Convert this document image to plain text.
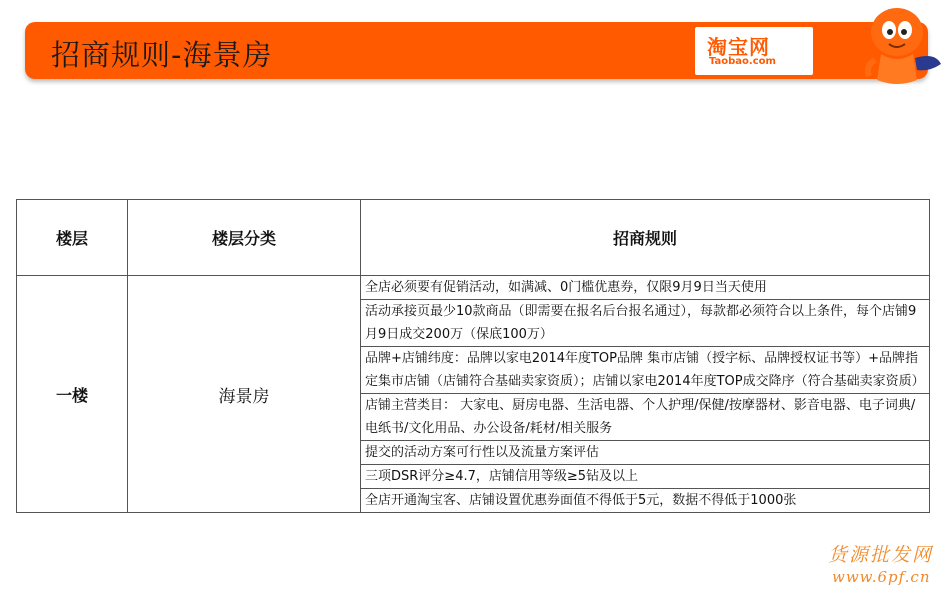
招商规则-海景房	淘宝网
Taobao.com
楼层	楼层分类	招商规则
一楼	海景房	全店必须要有促销活动，如满减、0门槛优惠券，仅限9月9日当天使用
		活动承接页最少10款商品（即需要在报名后台报名通过），每款都必须符合以上条件，每个店铺9月9日成交200万（保底100万）
		品牌+店铺纬度：品牌以家电2014年度TOP品牌 集市店铺（授字标、品牌授权证书等）+品牌指定集市店铺（店铺符合基础卖家资质）；店铺以家电2014年度TOP成交降序（符合基础卖家资质）
		店铺主营类目： 大家电、厨房电器、生活电器、个人护理/保健/按摩器材、影音电器、电子词典/电纸书/文化用品、办公设备/耗材/相关服务
		提交的活动方案可行性以及流量方案评估
		三项DSR评分≥4.7，店铺信用等级≥5钻及以上
		全店开通淘宝客、店铺设置优惠券面值不得低于5元，数据不得低于1000张
货源批发网
www.6pf.cn
